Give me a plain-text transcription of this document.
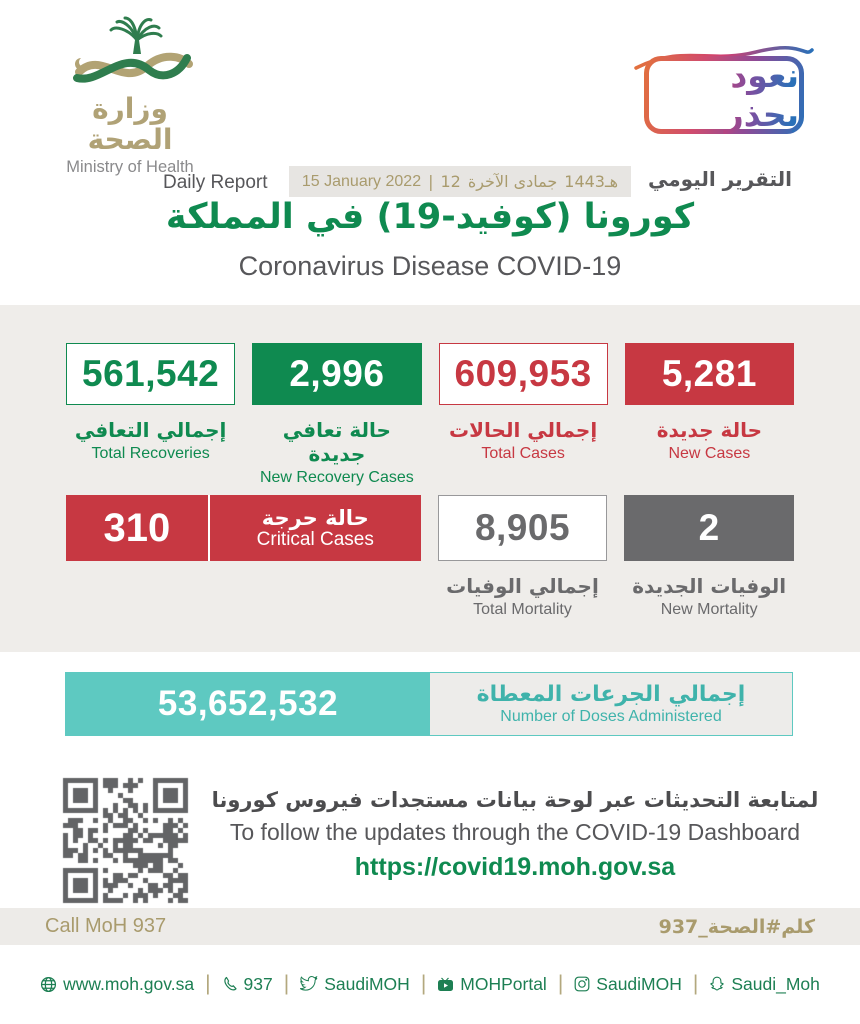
وزارة الصحة
Ministry of Health
نعود بحذر
Daily Report 15 January 2022 | 12 جمادى الآخرة 1443هـ التقرير اليومي
كورونا (كوفيد-19) في المملكة
Coronavirus Disease COVID-19
561,542
إجمالي التعافي
Total Recoveries
2,996
حالة تعافي جديدة
New Recovery Cases
609,953
إجمالي الحالات
Total Cases
5,281
حالة جديدة
New Cases
310	حالة حرجة
Critical Cases	8,905
إجمالي الوفيات
Total Mortality
2
الوفيات الجديدة
New Mortality
53,652,532	إجمالي الجرعات المعطاة
Number of Doses Administered
لمتابعة التحديثات عبر لوحة بيانات مستجدات فيروس كورونا
To follow the updates through the COVID-19 Dashboard
https://covid19.moh.gov.sa
Call MoH 937	كلم#الصحة_937
www.moh.gov.sa | 937 | SaudiMOH | MOHPortal | SaudiMOH | Saudi_Moh
